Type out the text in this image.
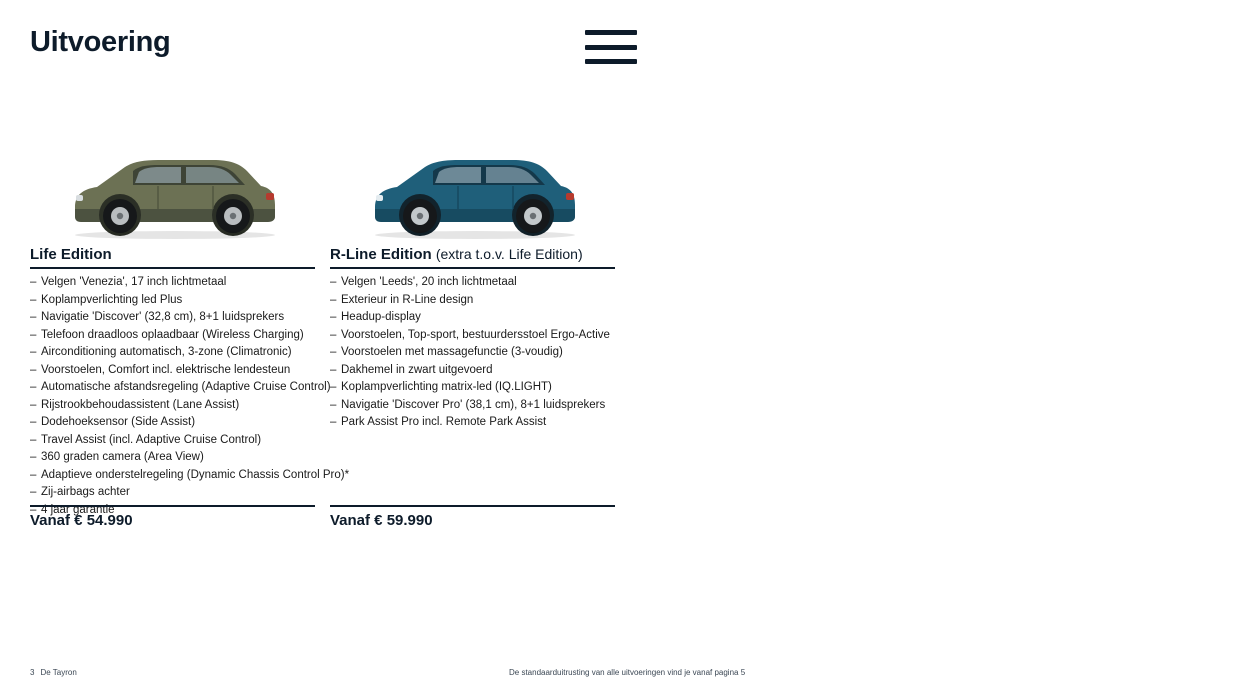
Uitvoering
Life Edition
– Velgen 'Venezia', 17 inch lichtmetaal
– Koplampverlichting led Plus
– Navigatie 'Discover' (32,8 cm), 8+1 luidsprekers
– Telefoon draadloos oplaadbaar (Wireless Charging)
– Airconditioning automatisch, 3-zone (Climatronic)
– Voorstoelen, Comfort incl. elektrische lendesteun
– Automatische afstandsregeling (Adaptive Cruise Control)
– Rijstrookbehoudassistent (Lane Assist)
– Dodehoeksensor (Side Assist)
– Travel Assist (incl. Adaptive Cruise Control)
– 360 graden camera (Area View)
– Adaptieve onderstelregeling (Dynamic Chassis Control Pro)*
– Zij-airbags achter
– 4 jaar garantie
Vanaf € 54.990
R-Line Edition (extra t.o.v. Life Edition)
– Velgen 'Leeds', 20 inch lichtmetaal
– Exterieur in R-Line design
– Headup-display
– Voorstoelen, Top-sport, bestuurdersstoel Ergo-Active
– Voorstoelen met massagefunctie (3-voudig)
– Dakhemel in zwart uitgevoerd
– Koplampverlichting matrix-led (IQ.LIGHT)
– Navigatie 'Discover Pro' (38,1 cm), 8+1 luidsprekers
– Park Assist Pro incl. Remote Park Assist
Vanaf € 59.990
3 De Tayron	De standaarduitrusting van alle uitvoeringen vind je vanaf pagina 5
